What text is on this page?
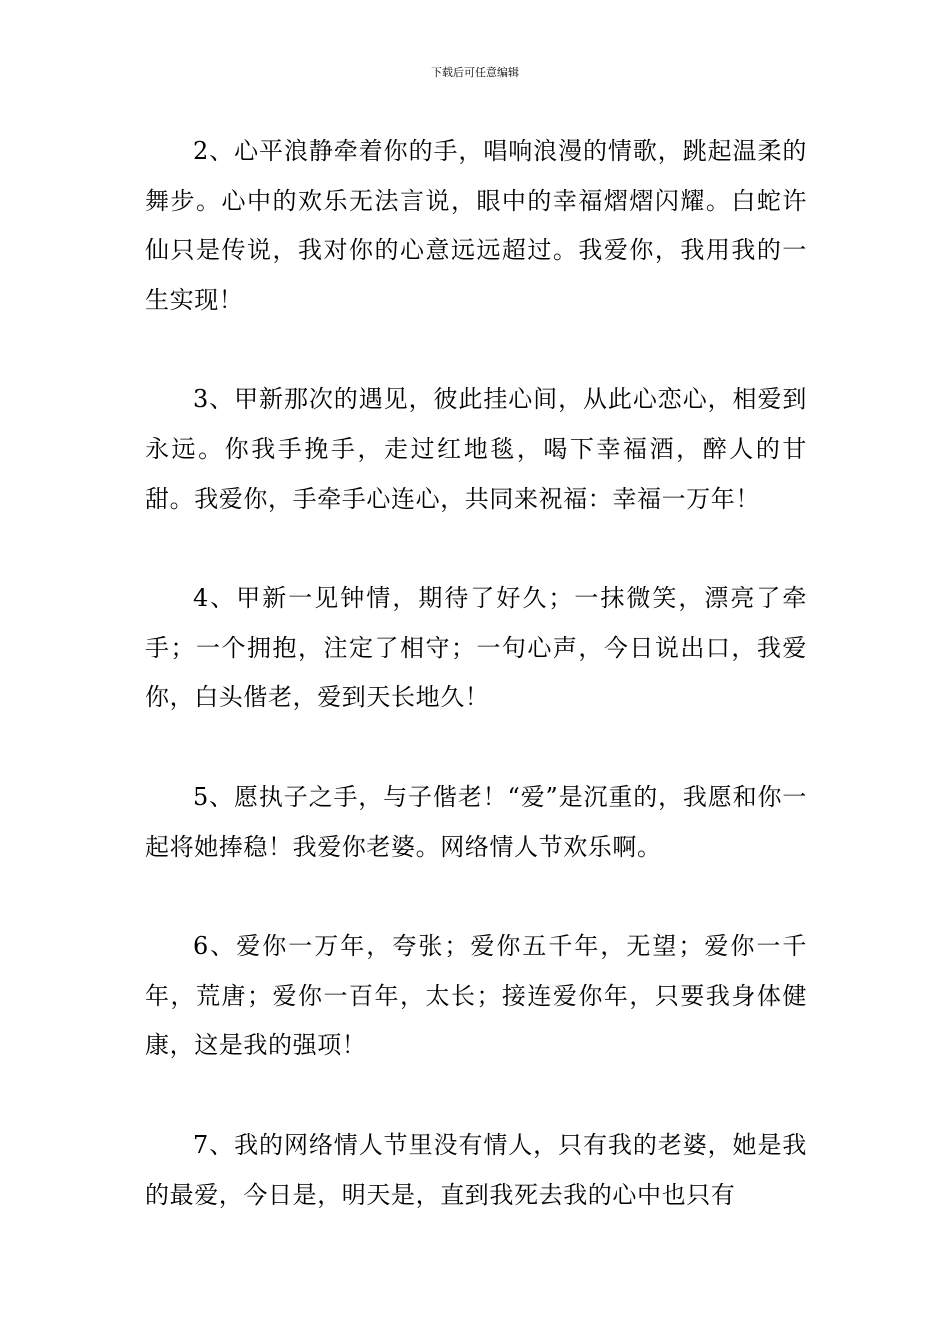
下载后可任意编辑

2、心平浪静牵着你的手，唱响浪漫的情歌，跳起温柔的舞步。心中的欢乐无法言说，眼中的幸福熠熠闪耀。白蛇许仙只是传说，我对你的心意远远超过。我爱你，我用我的一生实现！

3、甲新那次的遇见，彼此挂心间，从此心恋心，相爱到永远。你我手挽手，走过红地毯，喝下幸福酒，醉人的甘甜。我爱你，手牵手心连心，共同来祝福：幸福一万年！

4、甲新一见钟情，期待了好久；一抹微笑，漂亮了牵手；一个拥抱，注定了相守；一句心声，今日说出口，我爱你，白头偕老，爱到天长地久！

5、愿执子之手，与子偕老！“爱”是沉重的，我愿和你一起将她捧稳！我爱你老婆。网络情人节欢乐啊。

6、爱你一万年，夸张；爱你五千年，无望；爱你一千年，荒唐；爱你一百年，太长；接连爱你年，只要我身体健康，这是我的强项！

7、我的网络情人节里没有情人，只有我的老婆，她是我的最爱，今日是，明天是，直到我死去我的心中也只有
